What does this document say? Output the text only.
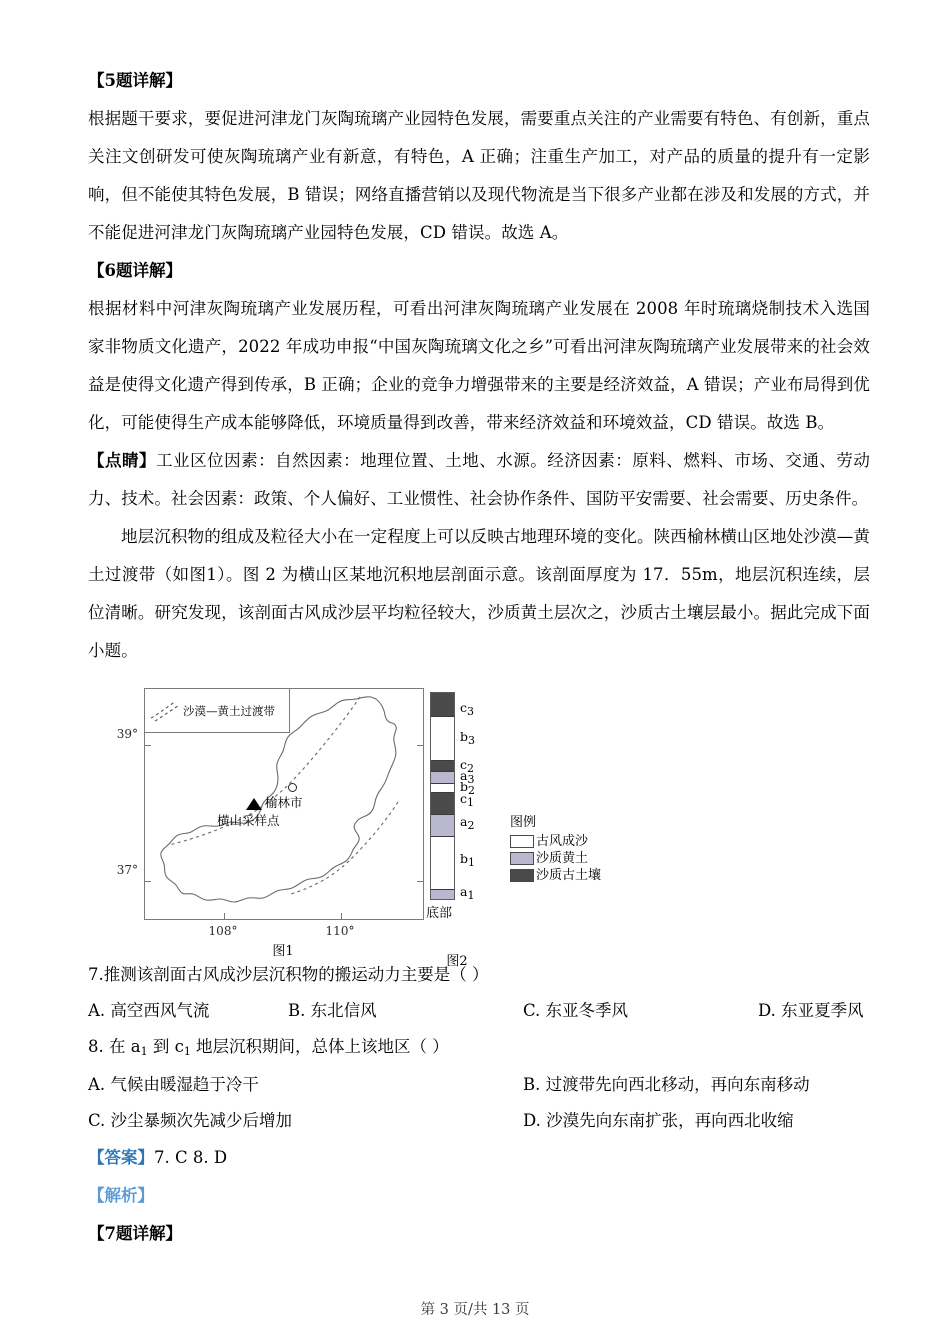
【5题详解】

根据题干要求，要促进河津龙门灰陶琉璃产业园特色发展，需要重点关注的产业需要有特色、有创新，重点关注文创研发可使灰陶琉璃产业有新意，有特色，A 正确；注重生产加工，对产品的质量的提升有一定影响，但不能使其特色发展，B 错误；网络直播营销以及现代物流是当下很多产业都在涉及和发展的方式，并不能促进河津龙门灰陶琉璃产业园特色发展，CD 错误。故选 A。

【6题详解】

根据材料中河津灰陶琉璃产业发展历程，可看出河津灰陶琉璃产业发展在 2008 年时琉璃烧制技术入选国家非物质文化遗产，2022 年成功申报“中国灰陶琉璃文化之乡”可看出河津灰陶琉璃产业发展带来的社会效益是使得文化遗产得到传承，B 正确；企业的竞争力增强带来的主要是经济效益，A 错误；产业布局得到优化，可能使得生产成本能够降低，环境质量得到改善，带来经济效益和环境效益，CD 错误。故选 B。

【点睛】工业区位因素：自然因素：地理位置、土地、水源。经济因素：原料、燃料、市场、交通、劳动力、技术。社会因素：政策、个人偏好、工业惯性、社会协作条件、国防平安需要、社会需要、历史条件。

地层沉积物的组成及粒径大小在一定程度上可以反映古地理环境的变化。陕西榆林横山区地处沙漠—黄土过渡带（如图1）。图 2 为横山区某地沉积地层剖面示意。该剖面厚度为 17．55m，地层沉积连续，层位清晰。研究发现，该剖面古风成沙层平均粒径较大，沙质黄土层次之，沙质古土壤层最小。据此完成下面小题。

沙漠—黄土过渡带
榆林市
横山采样点
39°
37°
108°	110°
图1
$c_3$
$b_3$
$c_2$
$a_3$
$b_2$
$c_1$
$a_2$
$b_1$
$a_1$
底部
图例
古风成沙
沙质黄土
沙质古土壤
图2

7.推测该剖面古风成沙层沉积物的搬运动力主要是（ ）

A. 高空西风气流	B. 东北信风	C. 东亚冬季风	D. 东亚夏季风

8. 在 $a_1$ 到 $c_1$ 地层沉积期间，总体上该地区（ ）

A. 气候由暖湿趋于冷干	B. 过渡带先向西北移动，再向东南移动
C. 沙尘暴频次先减少后增加	D. 沙漠先向东南扩张，再向西北收缩

【答案】7. C 8. D

【解析】

【7题详解】

第 3 页/共 13 页
